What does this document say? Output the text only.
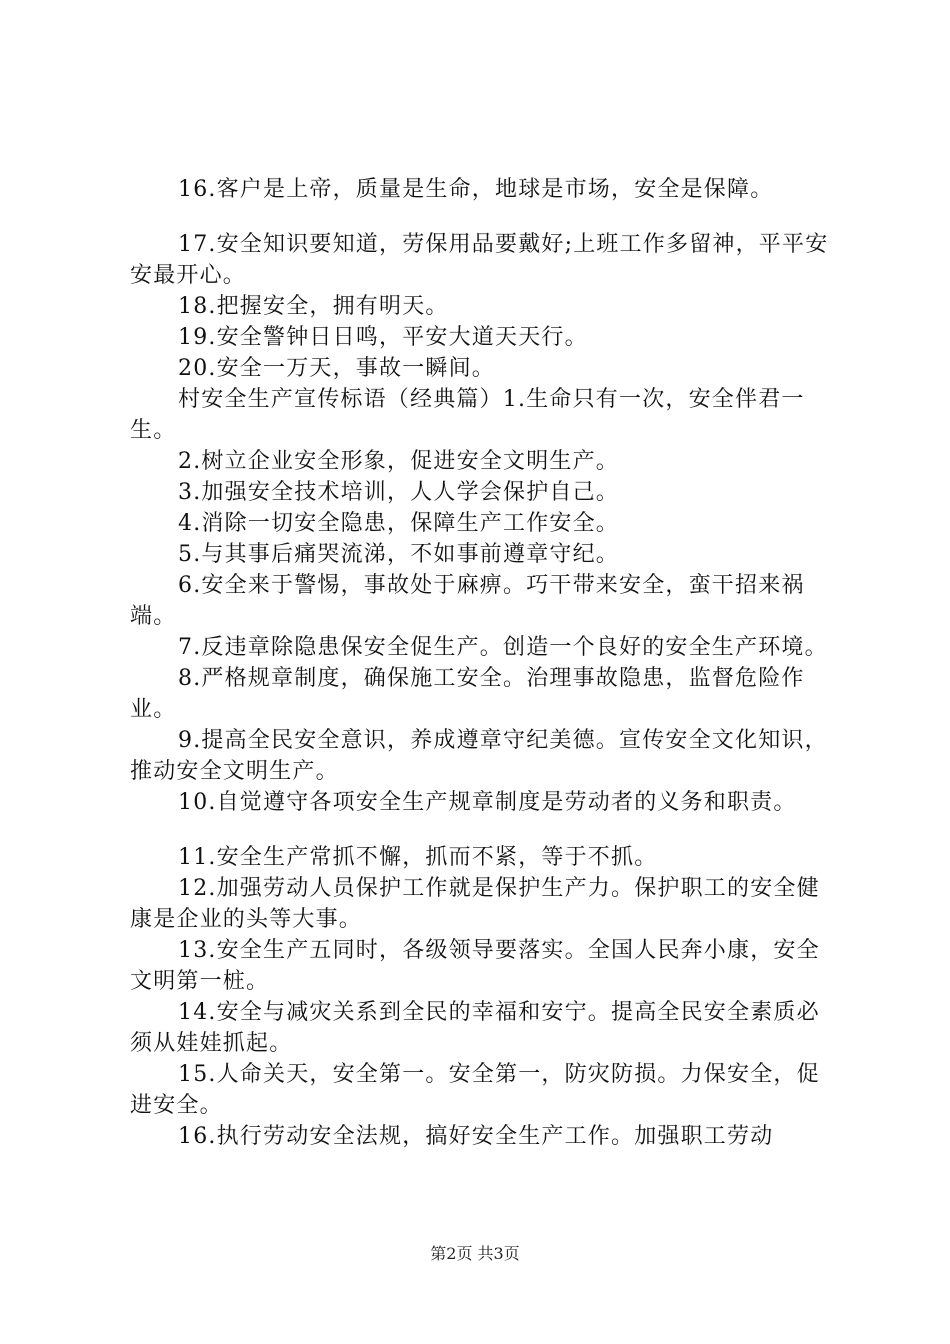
16.客户是上帝，质量是生命，地球是市场，安全是保障。

17.安全知识要知道，劳保用品要戴好;上班工作多留神，平平安安最开心。

18.把握安全，拥有明天。

19.安全警钟日日鸣，平安大道天天行。

20.安全一万天，事故一瞬间。

村安全生产宣传标语（经典篇）1.生命只有一次，安全伴君一生。

2.树立企业安全形象，促进安全文明生产。

3.加强安全技术培训，人人学会保护自己。

4.消除一切安全隐患，保障生产工作安全。

5.与其事后痛哭流涕，不如事前遵章守纪。

6.安全来于警惕，事故处于麻痹。巧干带来安全，蛮干招来祸端。

7.反违章除隐患保安全促生产。创造一个良好的安全生产环境。

8.严格规章制度，确保施工安全。治理事故隐患，监督危险作业。

9.提高全民安全意识，养成遵章守纪美德。宣传安全文化知识，推动安全文明生产。

10.自觉遵守各项安全生产规章制度是劳动者的义务和职责。

11.安全生产常抓不懈，抓而不紧，等于不抓。

12.加强劳动人员保护工作就是保护生产力。保护职工的安全健康是企业的头等大事。

13.安全生产五同时，各级领导要落实。全国人民奔小康，安全文明第一桩。

14.安全与减灾关系到全民的幸福和安宁。提高全民安全素质必须从娃娃抓起。

15.人命关天，安全第一。安全第一，防灾防损。力保安全，促进安全。

16.执行劳动安全法规，搞好安全生产工作。加强职工劳动

第2页 共3页
